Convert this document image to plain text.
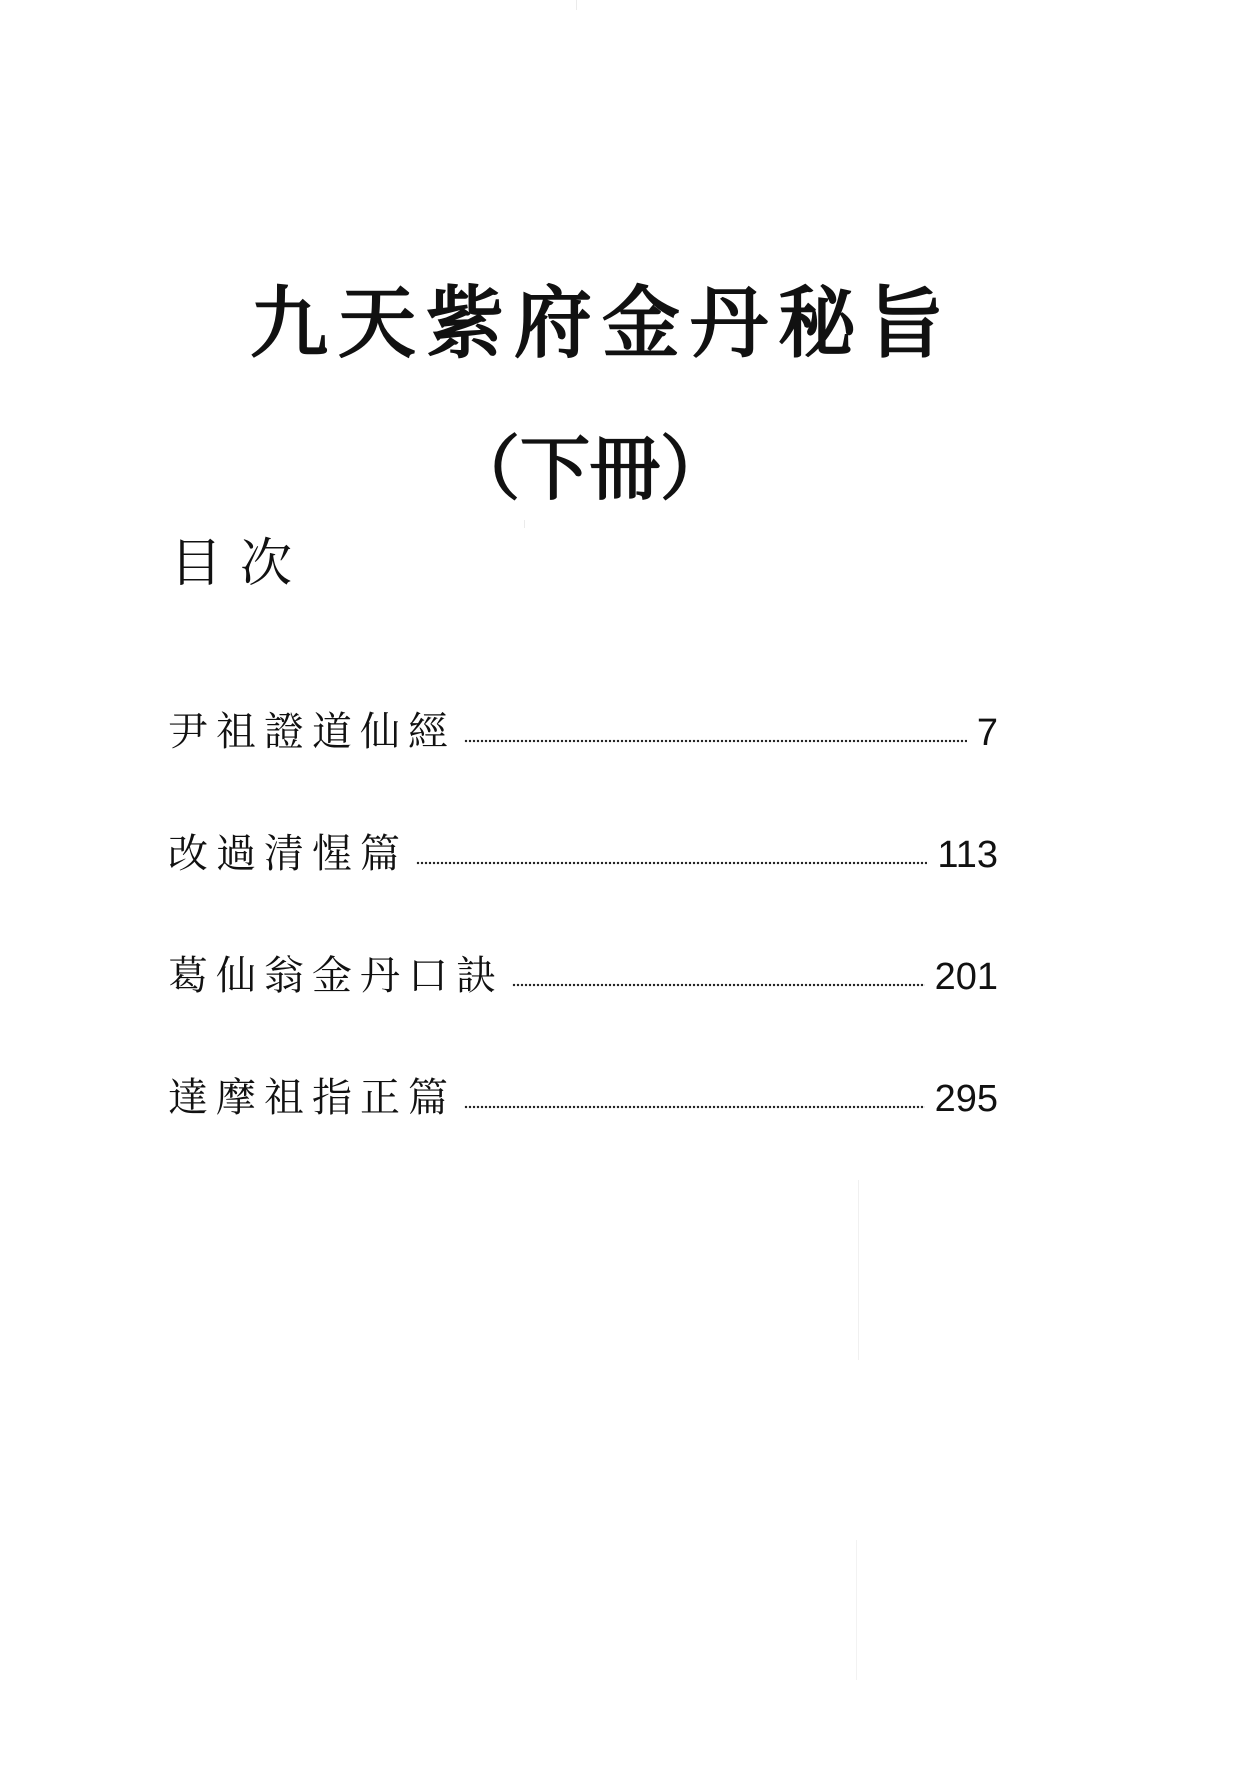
九天紫府金丹秘旨
（下冊）
目次
尹祖證道仙經	7
改過清惺篇	113
葛仙翁金丹口訣	201
達摩祖指正篇	295
